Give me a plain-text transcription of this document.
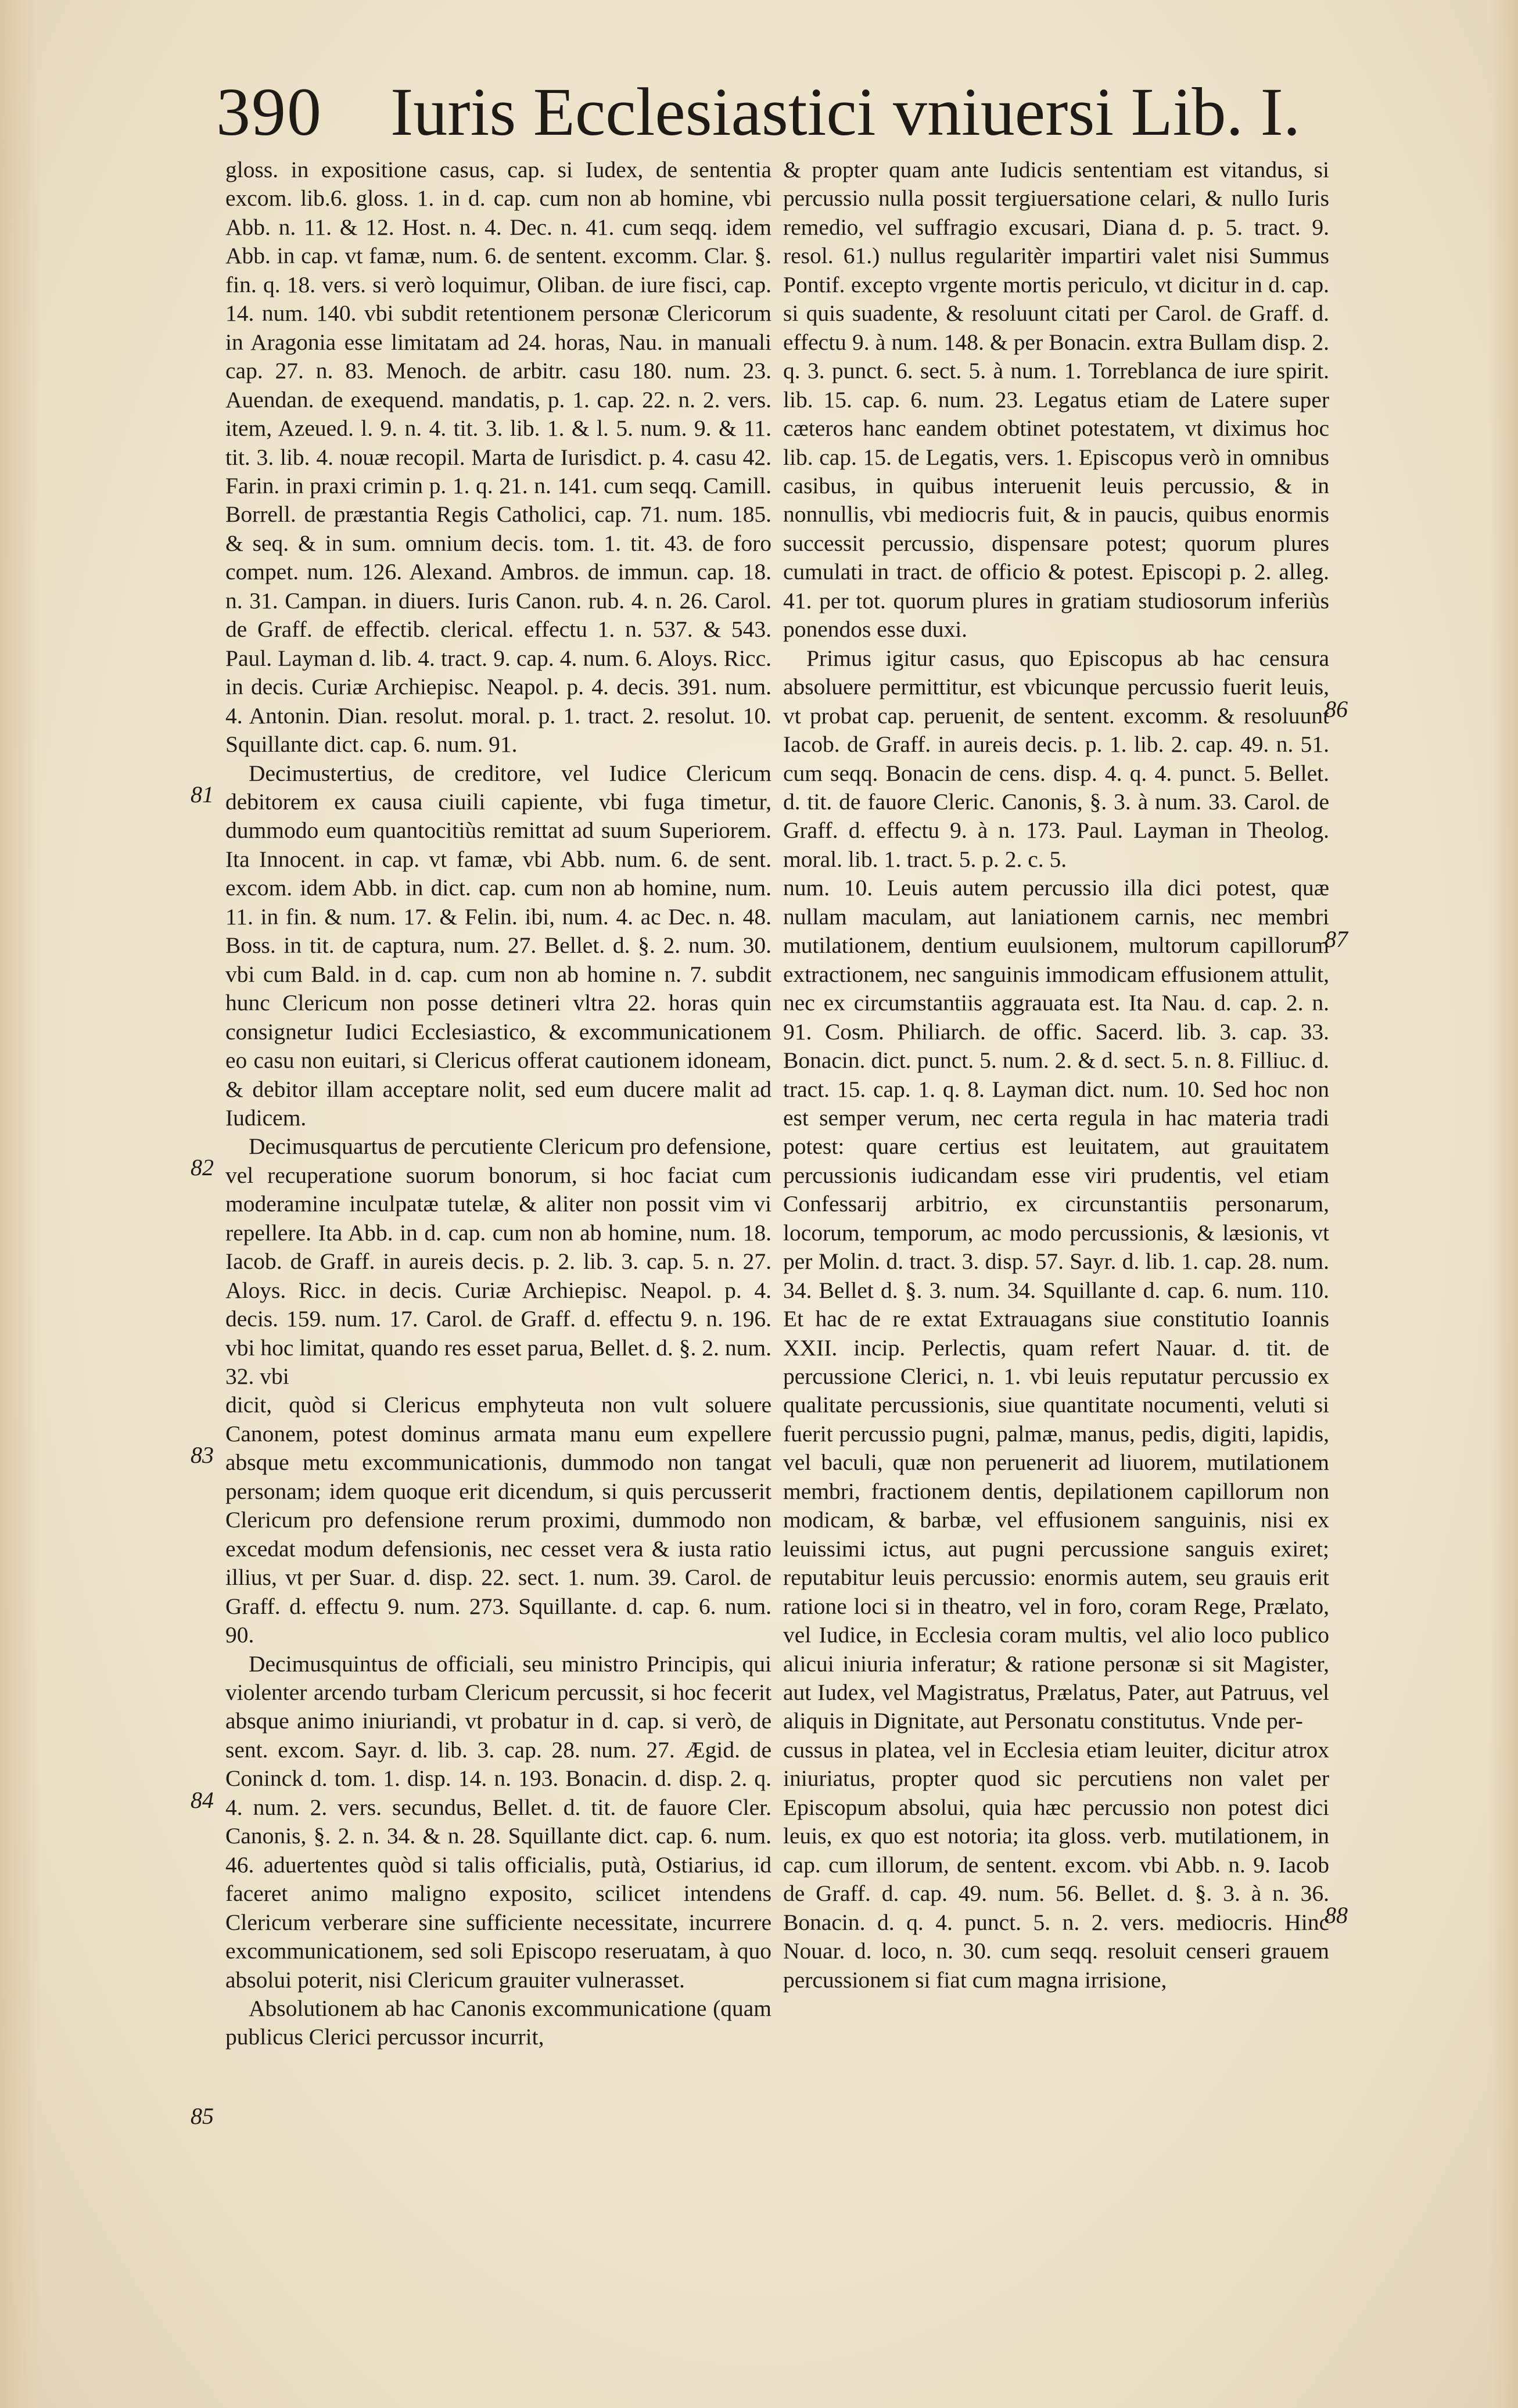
390 Iuris Ecclesiastici vniuersi Lib. I.

gloss. in expositione casus, cap. si Iudex, de sententia excom. lib.6. gloss. 1. in d. cap. cum non ab homine, vbi Abb. n. 11. & 12. Host. n. 4. Dec. n. 41. cum seqq. idem Abb. in cap. vt famæ, num. 6. de sentent. excomm. Clar. §. fin. q. 18. vers. si verò loquimur, Oliban. de iure fisci, cap. 14. num. 140. vbi subdit retentionem personæ Clericorum in Aragonia esse limitatam ad 24. horas, Nau. in manuali cap. 27. n. 83. Menoch. de arbitr. casu 180. num. 23. Auendan. de exequend. mandatis, p. 1. cap. 22. n. 2. vers. item, Azeued. l. 9. n. 4. tit. 3. lib. 1. & l. 5. num. 9. & 11. tit. 3. lib. 4. nouæ recopil. Marta de Iurisdict. p. 4. casu 42. Farin. in praxi crimin p. 1. q. 21. n. 141. cum seqq. Camill. Borrell. de præstantia Regis Catholici, cap. 71. num. 185. & seq. & in sum. omnium decis. tom. 1. tit. 43. de foro compet. num. 126. Alexand. Ambros. de immun. cap. 18. n. 31. Campan. in diuers. Iuris Canon. rub. 4. n. 26. Carol. de Graff. de effectib. clerical. effectu 1. n. 537. & 543. Paul. Layman d. lib. 4. tract. 9. cap. 4. num. 6. Aloys. Ricc. in decis. Curiæ Archiepisc. Neapol. p. 4. decis. 391. num. 4. Antonin. Dian. resolut. moral. p. 1. tract. 2. resolut. 10. Squillante dict. cap. 6. num. 91.

Decimustertius, de creditore, vel Iudice Clericum debitorem ex causa ciuili capiente, vbi fuga timetur, dummodo eum quantocitiùs remittat ad suum Superiorem. Ita Innocent. in cap. vt famæ, vbi Abb. num. 6. de sent. excom. idem Abb. in dict. cap. cum non ab homine, num. 11. in fin. & num. 17. & Felin. ibi, num. 4. ac Dec. n. 48. Boss. in tit. de captura, num. 27. Bellet. d. §. 2. num. 30. vbi cum Bald. in d. cap. cum non ab homine n. 7. subdit hunc Clericum non posse detineri vltra 22. horas quin consignetur Iudici Ecclesiastico, & excommunicationem eo casu non euitari, si Clericus offerat cautionem idoneam, & debitor illam acceptare nolit, sed eum ducere malit ad Iudicem.

Decimusquartus de percutiente Clericum pro defensione, vel recuperatione suorum bonorum, si hoc faciat cum moderamine inculpatæ tutelæ, & aliter non possit vim vi repellere. Ita Abb. in d. cap. cum non ab homine, num. 18. Iacob. de Graff. in aureis decis. p. 2. lib. 3. cap. 5. n. 27. Aloys. Ricc. in decis. Curiæ Archiepisc. Neapol. p. 4. decis. 159. num. 17. Carol. de Graff. d. effectu 9. n. 196. vbi hoc limitat, quando res esset parua, Bellet. d. §. 2. num. 32. vbi

dicit, quòd si Clericus emphyteuta non vult soluere Canonem, potest dominus armata manu eum expellere absque metu excommunicationis, dummodo non tangat personam; idem quoque erit dicendum, si quis percusserit Clericum pro defensione rerum proximi, dummodo non excedat modum defensionis, nec cesset vera & iusta ratio illius, vt per Suar. d. disp. 22. sect. 1. num. 39. Carol. de Graff. d. effectu 9. num. 273. Squillante. d. cap. 6. num. 90.

Decimusquintus de officiali, seu ministro Principis, qui violenter arcendo turbam Clericum percussit, si hoc fecerit absque animo iniuriandi, vt probatur in d. cap. si verò, de sent. excom. Sayr. d. lib. 3. cap. 28. num. 27. Ægid. de Coninck d. tom. 1. disp. 14. n. 193. Bonacin. d. disp. 2. q. 4. num. 2. vers. secundus, Bellet. d. tit. de fauore Cler. Canonis, §. 2. n. 34. & n. 28. Squillante dict. cap. 6. num. 46. aduertentes quòd si talis officialis, putà, Ostiarius, id faceret animo maligno exposito, scilicet intendens Clericum verberare sine sufficiente necessitate, incurrere excommunicationem, sed soli Episcopo reseruatam, à quo absolui poterit, nisi Clericum grauiter vulnerasset.

Absolutionem ab hac Canonis excommunicatione (quam publicus Clerici percussor incurrit,

& propter quam ante Iudicis sententiam est vitandus, si percussio nulla possit tergiuersatione celari, & nullo Iuris remedio, vel suffragio excusari, Diana d. p. 5. tract. 9. resol. 61.) nullus regularitèr impartiri valet nisi Summus Pontif. excepto vrgente mortis periculo, vt dicitur in d. cap. si quis suadente, & resoluunt citati per Carol. de Graff. d. effectu 9. à num. 148. & per Bonacin. extra Bullam disp. 2. q. 3. punct. 6. sect. 5. à num. 1. Torreblanca de iure spirit. lib. 15. cap. 6. num. 23. Legatus etiam de Latere super cæteros hanc eandem obtinet potestatem, vt diximus hoc lib. cap. 15. de Legatis, vers. 1. Episcopus verò in omnibus casibus, in quibus interuenit leuis percussio, & in nonnullis, vbi mediocris fuit, & in paucis, quibus enormis successit percussio, dispensare potest; quorum plures cumulati in tract. de officio & potest. Episcopi p. 2. alleg. 41. per tot. quorum plures in gratiam studiosorum inferiùs ponendos esse duxi.

Primus igitur casus, quo Episcopus ab hac censura absoluere permittitur, est vbicunque percussio fuerit leuis, vt probat cap. peruenit, de sentent. excomm. & resoluunt Iacob. de Graff. in aureis decis. p. 1. lib. 2. cap. 49. n. 51. cum seqq. Bonacin de cens. disp. 4. q. 4. punct. 5. Bellet. d. tit. de fauore Cleric. Canonis, §. 3. à num. 33. Carol. de Graff. d. effectu 9. à n. 173. Paul. Layman in Theolog. moral. lib. 1. tract. 5. p. 2. c. 5.

num. 10. Leuis autem percussio illa dici potest, quæ nullam maculam, aut laniationem carnis, nec membri mutilationem, dentium euulsionem, multorum capillorum extractionem, nec sanguinis immodicam effusionem attulit, nec ex circumstantiis aggrauata est. Ita Nau. d. cap. 2. n. 91. Cosm. Philiarch. de offic. Sacerd. lib. 3. cap. 33. Bonacin. dict. punct. 5. num. 2. & d. sect. 5. n. 8. Filliuc. d. tract. 15. cap. 1. q. 8. Layman dict. num. 10. Sed hoc non est semper verum, nec certa regula in hac materia tradi potest: quare certius est leuitatem, aut grauitatem percussionis iudicandam esse viri prudentis, vel etiam Confessarij arbitrio, ex circunstantiis personarum, locorum, temporum, ac modo percussionis, & læsionis, vt per Molin. d. tract. 3. disp. 57. Sayr. d. lib. 1. cap. 28. num. 34. Bellet d. §. 3. num. 34. Squillante d. cap. 6. num. 110. Et hac de re extat Extrauagans siue constitutio Ioannis XXII. incip. Perlectis, quam refert Nauar. d. tit. de percussione Clerici, n. 1. vbi leuis reputatur percussio ex qualitate percussionis, siue quantitate nocumenti, veluti si fuerit percussio pugni, palmæ, manus, pedis, digiti, lapidis, vel baculi, quæ non peruenerit ad liuorem, mutilationem membri, fractionem dentis, depilationem capillorum non modicam, & barbæ, vel effusionem sanguinis, nisi ex leuissimi ictus, aut pugni percussione sanguis exiret; reputabitur leuis percussio: enormis autem, seu grauis erit ratione loci si in theatro, vel in foro, coram Rege, Prælato, vel Iudice, in Ecclesia coram multis, vel alio loco publico alicui iniuria inferatur; & ratione personæ si sit Magister, aut Iudex, vel Magistratus, Prælatus, Pater, aut Patruus, vel aliquis in Dignitate, aut Personatu constitutus. Vnde per-

cussus in platea, vel in Ecclesia etiam leuiter, dicitur atrox iniuriatus, propter quod sic percutiens non valet per Episcopum absolui, quia hæc percussio non potest dici leuis, ex quo est notoria; ita gloss. verb. mutilationem, in cap. cum illorum, de sentent. excom. vbi Abb. n. 9. Iacob de Graff. d. cap. 49. num. 56. Bellet. d. §. 3. à n. 36. Bonacin. d. q. 4. punct. 5. n. 2. vers. mediocris. Hinc Nouar. d. loco, n. 30. cum seqq. resoluit censeri grauem percussionem si fiat cum magna irrisione,

81
82
83
84
85
86
87
88
